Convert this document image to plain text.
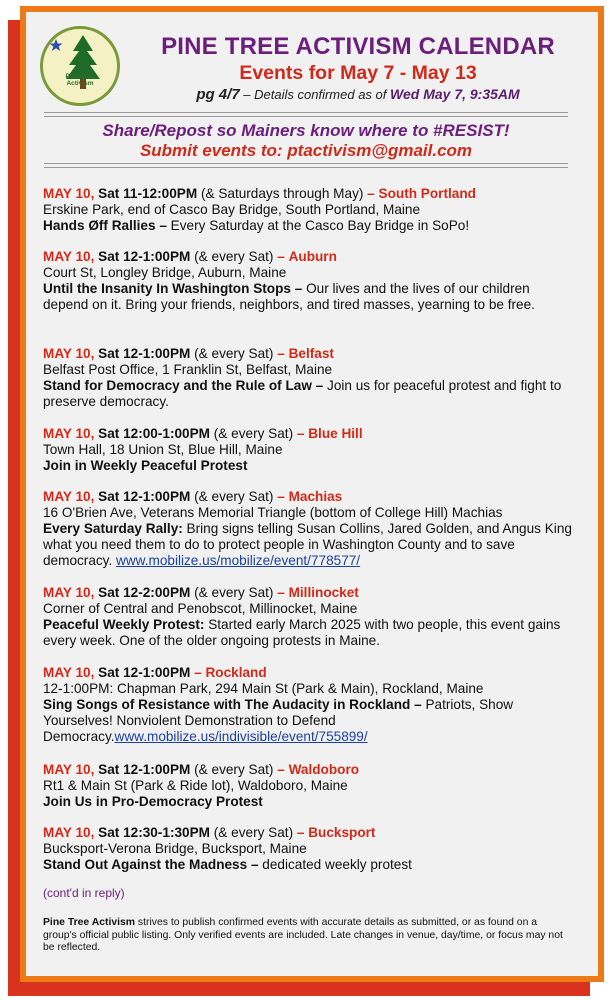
Pine Tree
Activism
PINE TREE ACTIVISM CALENDAR
Events for May 7 - May 13
pg 4/7 – Details confirmed as of Wed May 7, 9:35AM
Share/Repost so Mainers know where to #RESIST!
Submit events to: ptactivism@gmail.com
MAY 10, Sat 11-12:00PM (& Saturdays through May) – South Portland
Erskine Park, end of Casco Bay Bridge, South Portland, Maine
Hands Øff Rallies – Every Saturday at the Casco Bay Bridge in SoPo!
MAY 10, Sat 12-1:00PM (& every Sat) – Auburn
Court St, Longley Bridge, Auburn, Maine
Until the Insanity In Washington Stops – Our lives and the lives of our children depend on it. Bring your friends, neighbors, and tired masses, yearning to be free.
MAY 10, Sat 12-1:00PM (& every Sat) – Belfast
Belfast Post Office, 1 Franklin St, Belfast, Maine
Stand for Democracy and the Rule of Law – Join us for peaceful protest and fight to preserve democracy.
MAY 10, Sat 12:00-1:00PM (& every Sat) – Blue Hill
Town Hall, 18 Union St, Blue Hill, Maine
Join in Weekly Peaceful Protest
MAY 10, Sat 12-1:00PM (& every Sat) – Machias
16 O'Brien Ave, Veterans Memorial Triangle (bottom of College Hill) Machias
Every Saturday Rally: Bring signs telling Susan Collins, Jared Golden, and Angus King what you need them to do to protect people in Washington County and to save democracy. www.mobilize.us/mobilize/event/778577/
MAY 10, Sat 12-2:00PM (& every Sat) – Millinocket
Corner of Central and Penobscot, Millinocket, Maine
Peaceful Weekly Protest: Started early March 2025 with two people, this event gains every week. One of the older ongoing protests in Maine.
MAY 10, Sat 12-1:00PM – Rockland
12-1:00PM: Chapman Park, 294 Main St (Park & Main), Rockland, Maine
Sing Songs of Resistance with The Audacity in Rockland – Patriots, Show Yourselves! Nonviolent Demonstration to Defend Democracy.www.mobilize.us/indivisible/event/755899/
MAY 10, Sat 12-1:00PM (& every Sat) – Waldoboro
Rt1 & Main St (Park & Ride lot), Waldoboro, Maine
Join Us in Pro-Democracy Protest
MAY 10, Sat 12:30-1:30PM (& every Sat) – Bucksport
Bucksport-Verona Bridge, Bucksport, Maine
Stand Out Against the Madness – dedicated weekly protest
(cont'd in reply)
Pine Tree Activism strives to publish confirmed events with accurate details as submitted, or as found on a group's official public listing. Only verified events are included. Late changes in venue, day/time, or focus may not be reflected.
